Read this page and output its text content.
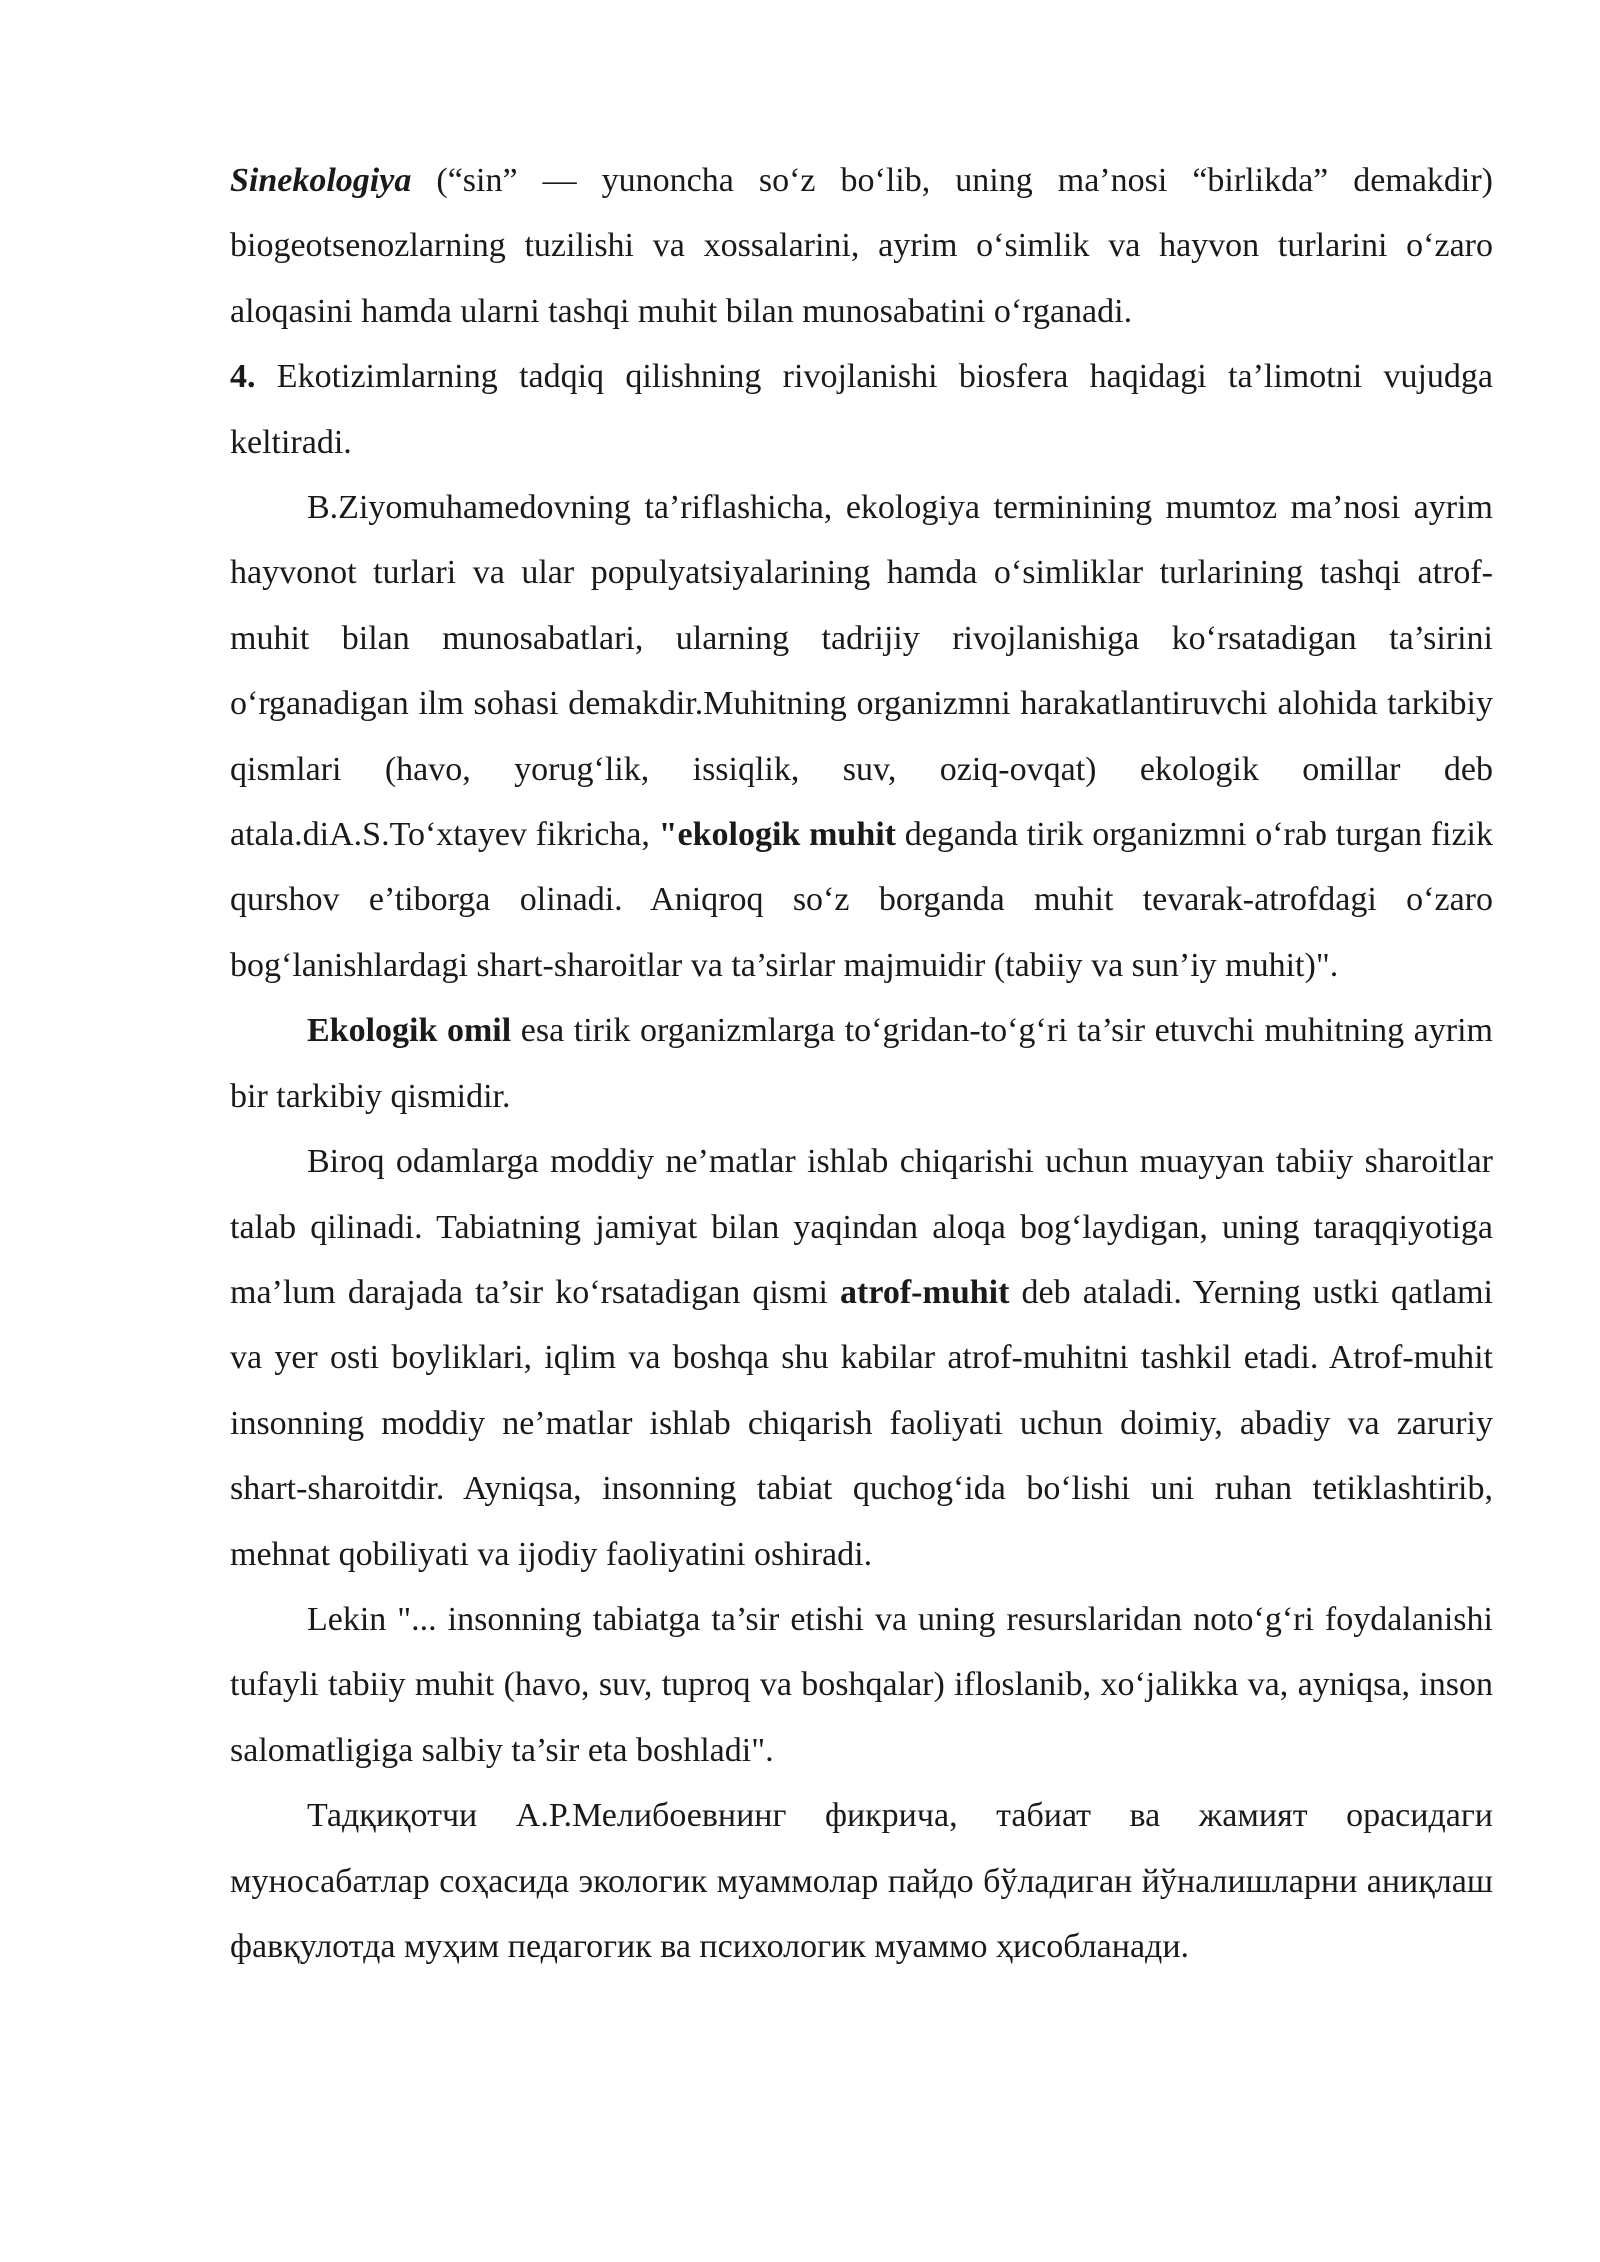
Sinekologiya (“sin” — yunoncha so‘z bo‘lib, uning ma’nosi “birlikda” demakdir) biogeotsenozlarning tuzilishi va xossalarini, ayrim o‘simlik va hayvon turlarini o‘zaro aloqasini hamda ularni tashqi muhit bilan munosabatini o‘rganadi.

4. Ekotizimlarning tadqiq qilishning rivojlanishi biosfera haqidagi ta’limotni vujudga keltiradi.

B.Ziyomuhamedovning ta’riflashicha, ekologiya terminining mumtoz ma’nosi ayrim hayvonot turlari va ular populyatsiyalarining hamda o‘simliklar turlarining tashqi atrof-muhit bilan munosabatlari, ularning tadrijiy rivojlanishiga ko‘rsatadigan ta’sirini o‘rganadigan ilm sohasi demakdir.Muhitning organizmni harakatlantiruvchi alohida tarkibiy qismlari (havo, yorug‘lik, issiqlik, suv, oziq-ovqat) ekologik omillar deb atala.diA.S.To‘xtayev fikricha, "ekologik muhit deganda tirik organizmni o‘rab turgan fizik qurshov e’tiborga olinadi. Aniqroq so‘z borganda muhit tevarak-atrofdagi o‘zaro bog‘lanishlardagi shart-sharoitlar va ta’sirlar majmuidir (tabiiy va sun’iy muhit)".

Ekologik omil esa tirik organizmlarga to‘gridan-to‘g‘ri ta’sir etuvchi muhitning ayrim bir tarkibiy qismidir.

Biroq odamlarga moddiy ne’matlar ishlab chiqarishi uchun muayyan tabiiy sharoitlar talab qilinadi. Tabiatning jamiyat bilan yaqindan aloqa bog‘laydigan, uning taraqqiyotiga ma’lum darajada ta’sir ko‘rsatadigan qismi atrof-muhit deb ataladi. Yerning ustki qatlami va yer osti boyliklari, iqlim va boshqa shu kabilar atrof-muhitni tashkil etadi. Atrof-muhit insonning moddiy ne’matlar ishlab chiqarish faoliyati uchun doimiy, abadiy va zaruriy shart-sharoitdir. Ayniqsa, insonning tabiat quchog‘ida bo‘lishi uni ruhan tetiklashtirib, mehnat qobiliyati va ijodiy faoliyatini oshiradi.

Lekin "... insonning tabiatga ta’sir etishi va uning resurslaridan noto‘g‘ri foydalanishi tufayli tabiiy muhit (havo, suv, tuproq va boshqalar) ifloslanib, xo‘jalikka va, ayniqsa, inson salomatligiga salbiy ta’sir eta boshladi".

Тадқиқотчи А.Р.Мелибоевнинг фикрича, табиат ва жамият орасидаги муносабатлар соҳасида экологик муаммолар пайдо бўладиган йўналишларни аниқлаш фавқулотда муҳим педагогик ва психологик муаммо ҳисобланади.
